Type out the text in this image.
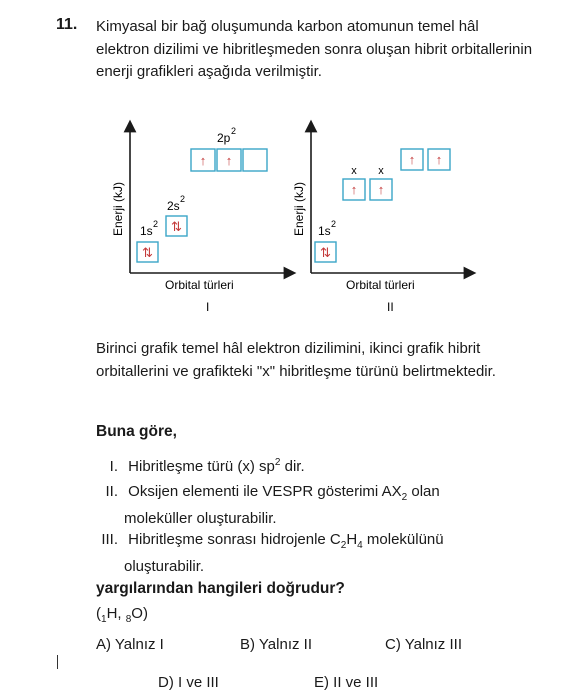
11. Kimyasal bir bağ oluşumunda karbon atomunun temel hâl elektron dizilimi ve hibritleşmeden sonra oluşan hibrit orbitallerinin enerji grafikleri aşağıda verilmiştir.
Enerji (kJ)
Orbital türleri
I
1s 2
⇅
2s 2
⇅
2p 2
↑ ↑
Enerji (kJ)
Orbital türleri
II
1s 2
⇅
x x
↑ ↑
↑ ↑
Birinci grafik temel hâl elektron dizilimini, ikinci grafik hibrit orbitallerini ve grafikteki "x" hibritleşme türünü belirtmektedir.
Buna göre,
I. Hibritleşme türü (x) $sp^2$ dir.
II. Oksijen elementi ile VESPR gösterimi $AX_2$ olan
moleküller oluşturabilir.
III. Hibritleşme sonrası hidrojenle $C_2H_4$ molekülünü
oluşturabilir.
yargılarından hangileri doğrudur?
($_1H$, $_8$O)
A) Yalnız I	B) Yalnız II	C) Yalnız III
D) I ve III	E) II ve III
